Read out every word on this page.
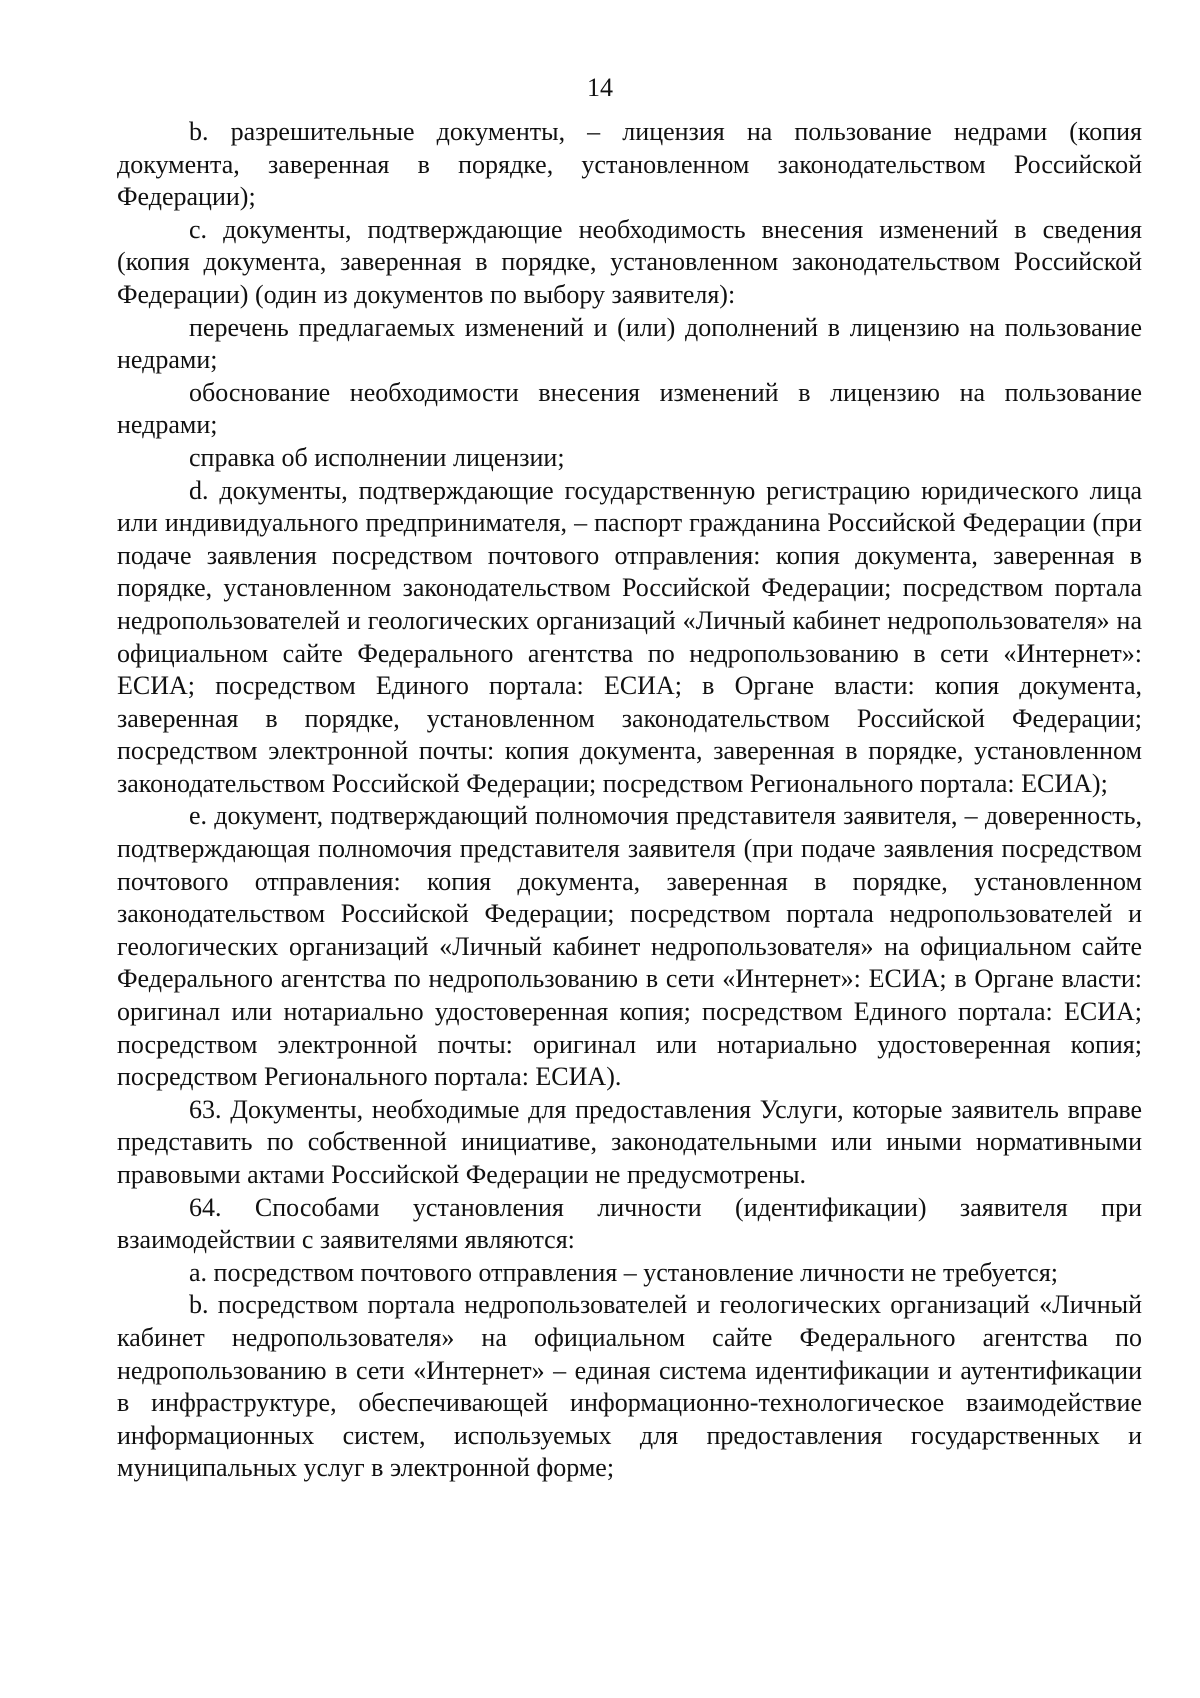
14

b. разрешительные документы, – лицензия на пользование недрами (копия документа, заверенная в порядке, установленном законодательством Российской Федерации);

c. документы, подтверждающие необходимость внесения изменений в сведения (копия документа, заверенная в порядке, установленном законодательством Российской Федерации) (один из документов по выбору заявителя):

перечень предлагаемых изменений и (или) дополнений в лицензию на пользование недрами;

обоснование необходимости внесения изменений в лицензию на пользование недрами;

справка об исполнении лицензии;

d. документы, подтверждающие государственную регистрацию юридического лица или индивидуального предпринимателя, – паспорт гражданина Российской Федерации (при подаче заявления посредством почтового отправления: копия документа, заверенная в порядке, установленном законодательством Российской Федерации; посредством портала недропользователей и геологических организаций «Личный кабинет недропользователя» на официальном сайте Федерального агентства по недропользованию в сети «Интернет»: ЕСИА; посредством Единого портала: ЕСИА; в Органе власти: копия документа, заверенная в порядке, установленном законодательством Российской Федерации; посредством электронной почты: копия документа, заверенная в порядке, установленном законодательством Российской Федерации; посредством Регионального портала: ЕСИА);

e. документ, подтверждающий полномочия представителя заявителя, – доверенность, подтверждающая полномочия представителя заявителя (при подаче заявления посредством почтового отправления: копия документа, заверенная в порядке, установленном законодательством Российской Федерации; посредством портала недропользователей и геологических организаций «Личный кабинет недропользователя» на официальном сайте Федерального агентства по недропользованию в сети «Интернет»: ЕСИА; в Органе власти: оригинал или нотариально удостоверенная копия; посредством Единого портала: ЕСИА; посредством электронной почты: оригинал или нотариально удостоверенная копия; посредством Регионального портала: ЕСИА).

63. Документы, необходимые для предоставления Услуги, которые заявитель вправе представить по собственной инициативе, законодательными или иными нормативными правовыми актами Российской Федерации не предусмотрены.

64. Способами установления личности (идентификации) заявителя при взаимодействии с заявителями являются:

a. посредством почтового отправления – установление личности не требуется;

b. посредством портала недропользователей и геологических организаций «Личный кабинет недропользователя» на официальном сайте Федерального агентства по недропользованию в сети «Интернет» – единая система идентификации и аутентификации в инфраструктуре, обеспечивающей информационно-технологическое взаимодействие информационных систем, используемых для предоставления государственных и муниципальных услуг в электронной форме;
